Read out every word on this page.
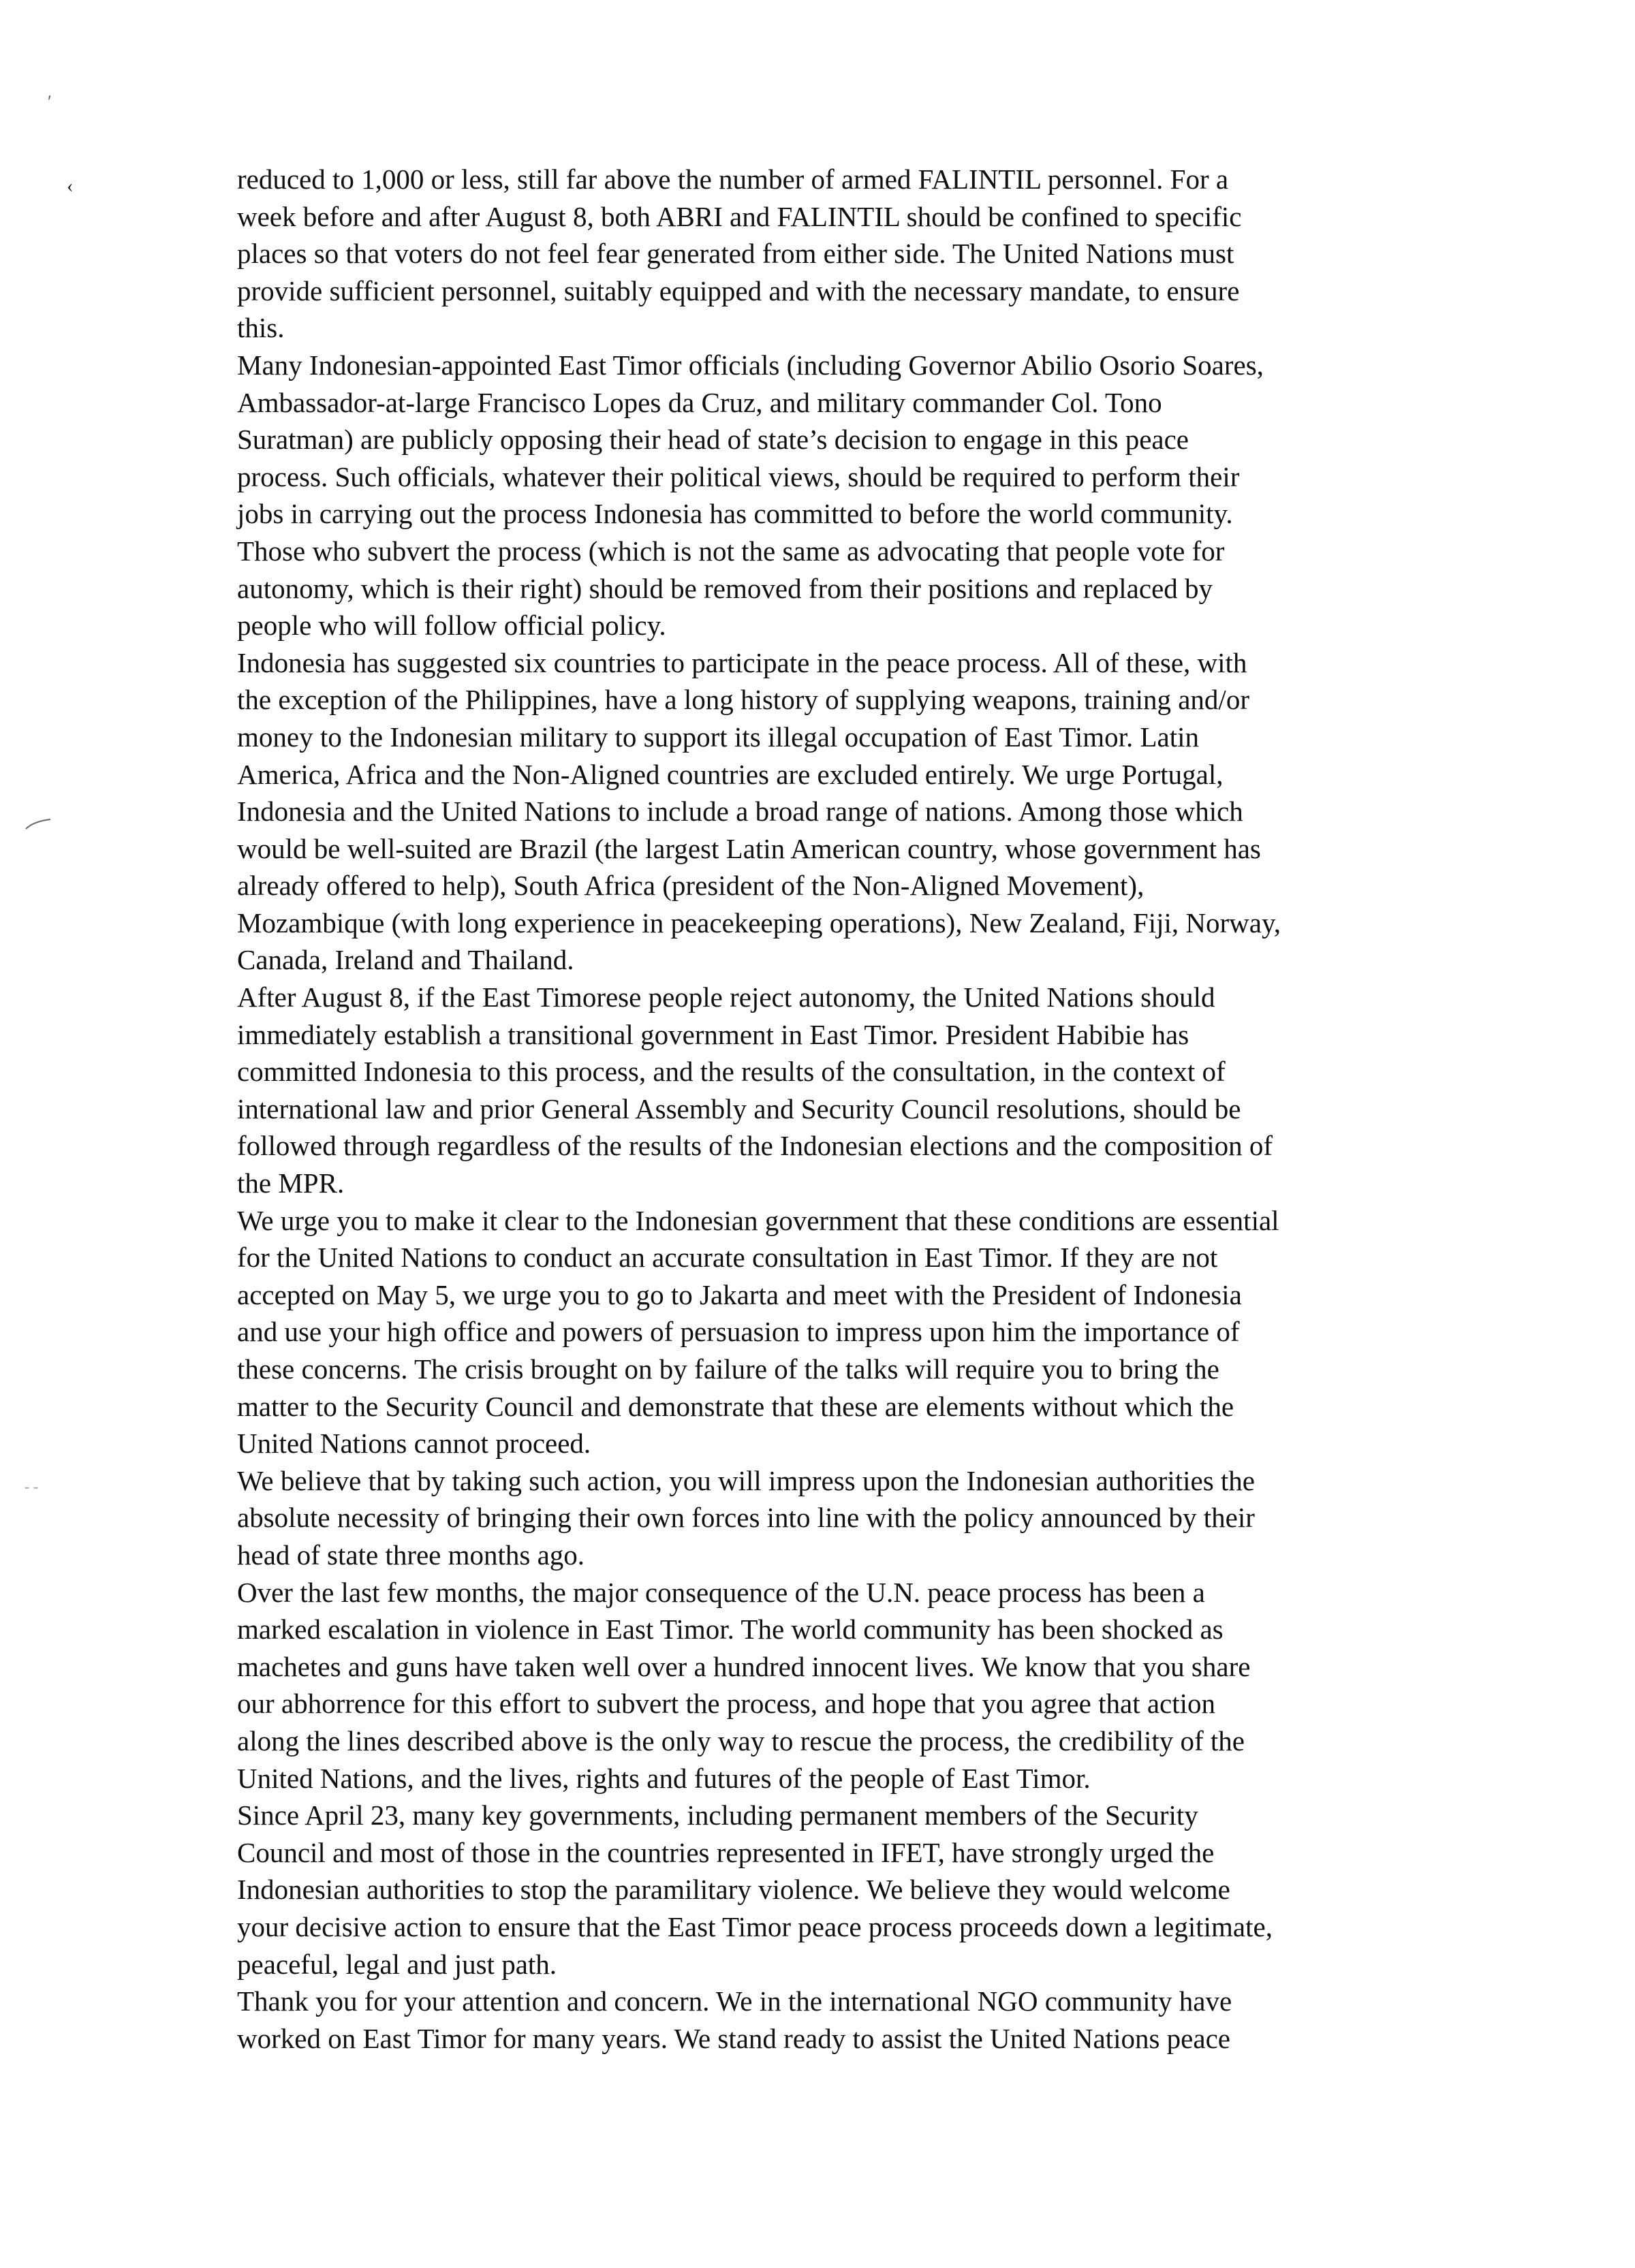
′
‹
- -

reduced to 1,000 or less, still far above the number of armed FALINTIL personnel. For a
week before and after August 8, both ABRI and FALINTIL should be confined to specific
places so that voters do not feel fear generated from either side. The United Nations must
provide sufficient personnel, suitably equipped and with the necessary mandate, to ensure
this.

Many Indonesian-appointed East Timor officials (including Governor Abilio Osorio Soares,
Ambassador-at-large Francisco Lopes da Cruz, and military commander Col. Tono
Suratman) are publicly opposing their head of state’s decision to engage in this peace
process. Such officials, whatever their political views, should be required to perform their
jobs in carrying out the process Indonesia has committed to before the world community.
Those who subvert the process (which is not the same as advocating that people vote for
autonomy, which is their right) should be removed from their positions and replaced by
people who will follow official policy.

Indonesia has suggested six countries to participate in the peace process. All of these, with
the exception of the Philippines, have a long history of supplying weapons, training and/or
money to the Indonesian military to support its illegal occupation of East Timor. Latin
America, Africa and the Non-Aligned countries are excluded entirely. We urge Portugal,
Indonesia and the United Nations to include a broad range of nations. Among those which
would be well-suited are Brazil (the largest Latin American country, whose government has
already offered to help), South Africa (president of the Non-Aligned Movement),
Mozambique (with long experience in peacekeeping operations), New Zealand, Fiji, Norway,
Canada, Ireland and Thailand.

After August 8, if the East Timorese people reject autonomy, the United Nations should
immediately establish a transitional government in East Timor. President Habibie has
committed Indonesia to this process, and the results of the consultation, in the context of
international law and prior General Assembly and Security Council resolutions, should be
followed through regardless of the results of the Indonesian elections and the composition of
the MPR.

We urge you to make it clear to the Indonesian government that these conditions are essential
for the United Nations to conduct an accurate consultation in East Timor. If they are not
accepted on May 5, we urge you to go to Jakarta and meet with the President of Indonesia
and use your high office and powers of persuasion to impress upon him the importance of
these concerns. The crisis brought on by failure of the talks will require you to bring the
matter to the Security Council and demonstrate that these are elements without which the
United Nations cannot proceed.

We believe that by taking such action, you will impress upon the Indonesian authorities the
absolute necessity of bringing their own forces into line with the policy announced by their
head of state three months ago.

Over the last few months, the major consequence of the U.N. peace process has been a
marked escalation in violence in East Timor. The world community has been shocked as
machetes and guns have taken well over a hundred innocent lives. We know that you share
our abhorrence for this effort to subvert the process, and hope that you agree that action
along the lines described above is the only way to rescue the process, the credibility of the
United Nations, and the lives, rights and futures of the people of East Timor.

Since April 23, many key governments, including permanent members of the Security
Council and most of those in the countries represented in IFET, have strongly urged the
Indonesian authorities to stop the paramilitary violence. We believe they would welcome
your decisive action to ensure that the East Timor peace process proceeds down a legitimate,
peaceful, legal and just path.

Thank you for your attention and concern. We in the international NGO community have
worked on East Timor for many years. We stand ready to assist the United Nations peace
